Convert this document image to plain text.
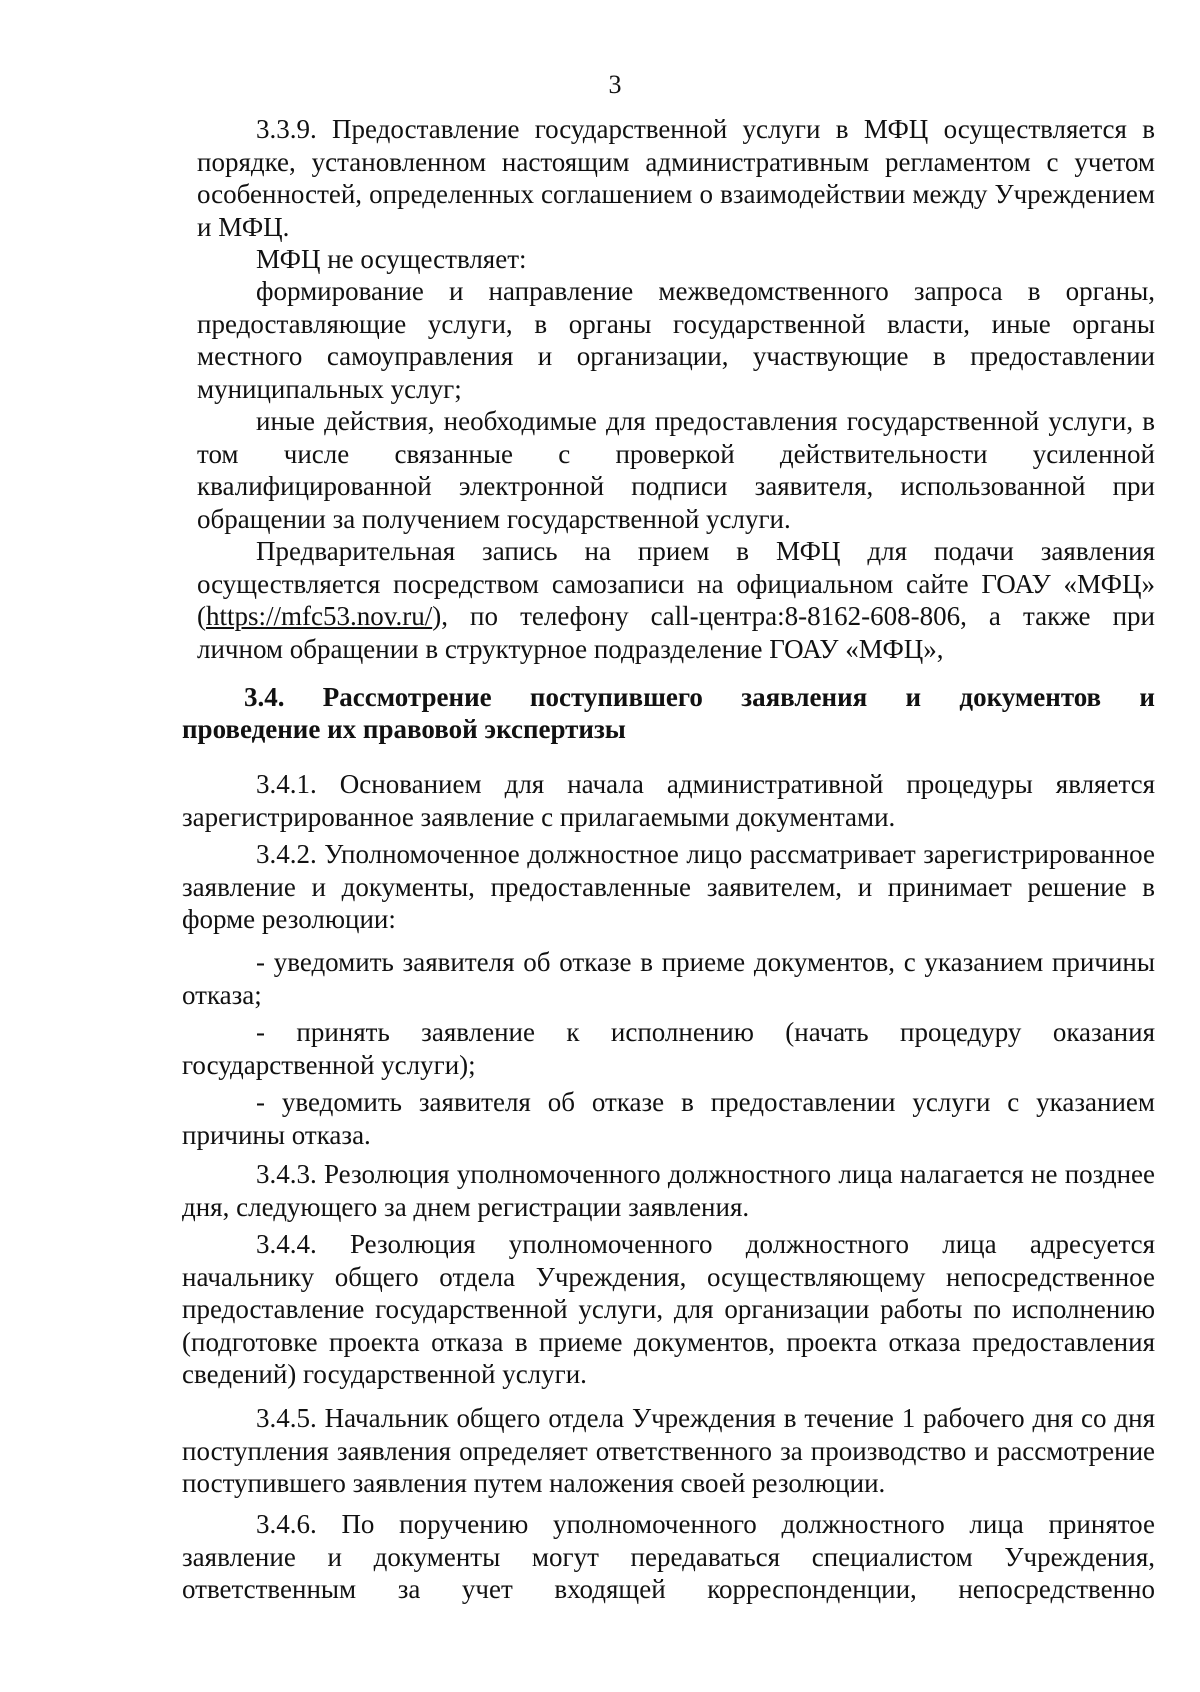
3

3.3.9. Предоставление государственной услуги в МФЦ осуществляется в порядке, установленном настоящим административным регламентом с учетом особенностей, определенных соглашением о взаимодействии между Учреждением и МФЦ.

МФЦ не осуществляет:

формирование и направление межведомственного запроса в органы, предоставляющие услуги, в органы государственной власти, иные органы местного самоуправления и организации, участвующие в предоставлении муниципальных услуг;

иные действия, необходимые для предоставления государственной услуги, в том числе связанные с проверкой действительности усиленной квалифицированной электронной подписи заявителя, использованной при обращении за получением государственной услуги.

Предварительная запись на прием в МФЦ для подачи заявления осуществляется посредством самозаписи на официальном сайте ГОАУ «МФЦ» (https://mfc53.nov.ru/), по телефону call-центра:8-8162-608-806, а также при личном обращении в структурное подразделение ГОАУ «МФЦ»,

3.4. Рассмотрение поступившего заявления и документов и
проведение их правовой экспертизы

3.4.1. Основанием для начала административной процедуры является зарегистрированное заявление с прилагаемыми документами.

3.4.2. Уполномоченное должностное лицо рассматривает зарегистрированное заявление и документы, предоставленные заявителем, и принимает решение в форме резолюции:

- уведомить заявителя об отказе в приеме документов, с указанием причины отказа;

- принять заявление к исполнению (начать процедуру оказания государственной услуги);

- уведомить заявителя об отказе в предоставлении услуги с указанием причины отказа.

3.4.3. Резолюция уполномоченного должностного лица налагается не позднее дня, следующего за днем регистрации заявления.

3.4.4. Резолюция уполномоченного должностного лица адресуется начальнику общего отдела Учреждения, осуществляющему непосредственное предоставление государственной услуги, для организации работы по исполнению (подготовке проекта отказа в приеме документов, проекта отказа предоставления сведений) государственной услуги.

3.4.5. Начальник общего отдела Учреждения в течение 1 рабочего дня со дня поступления заявления определяет ответственного за производство и рассмотрение поступившего заявления путем наложения своей резолюции.

3.4.6. По поручению уполномоченного должностного лица принятое заявление и документы могут передаваться специалистом Учреждения, ответственным за учет входящей корреспонденции, непосредственно
